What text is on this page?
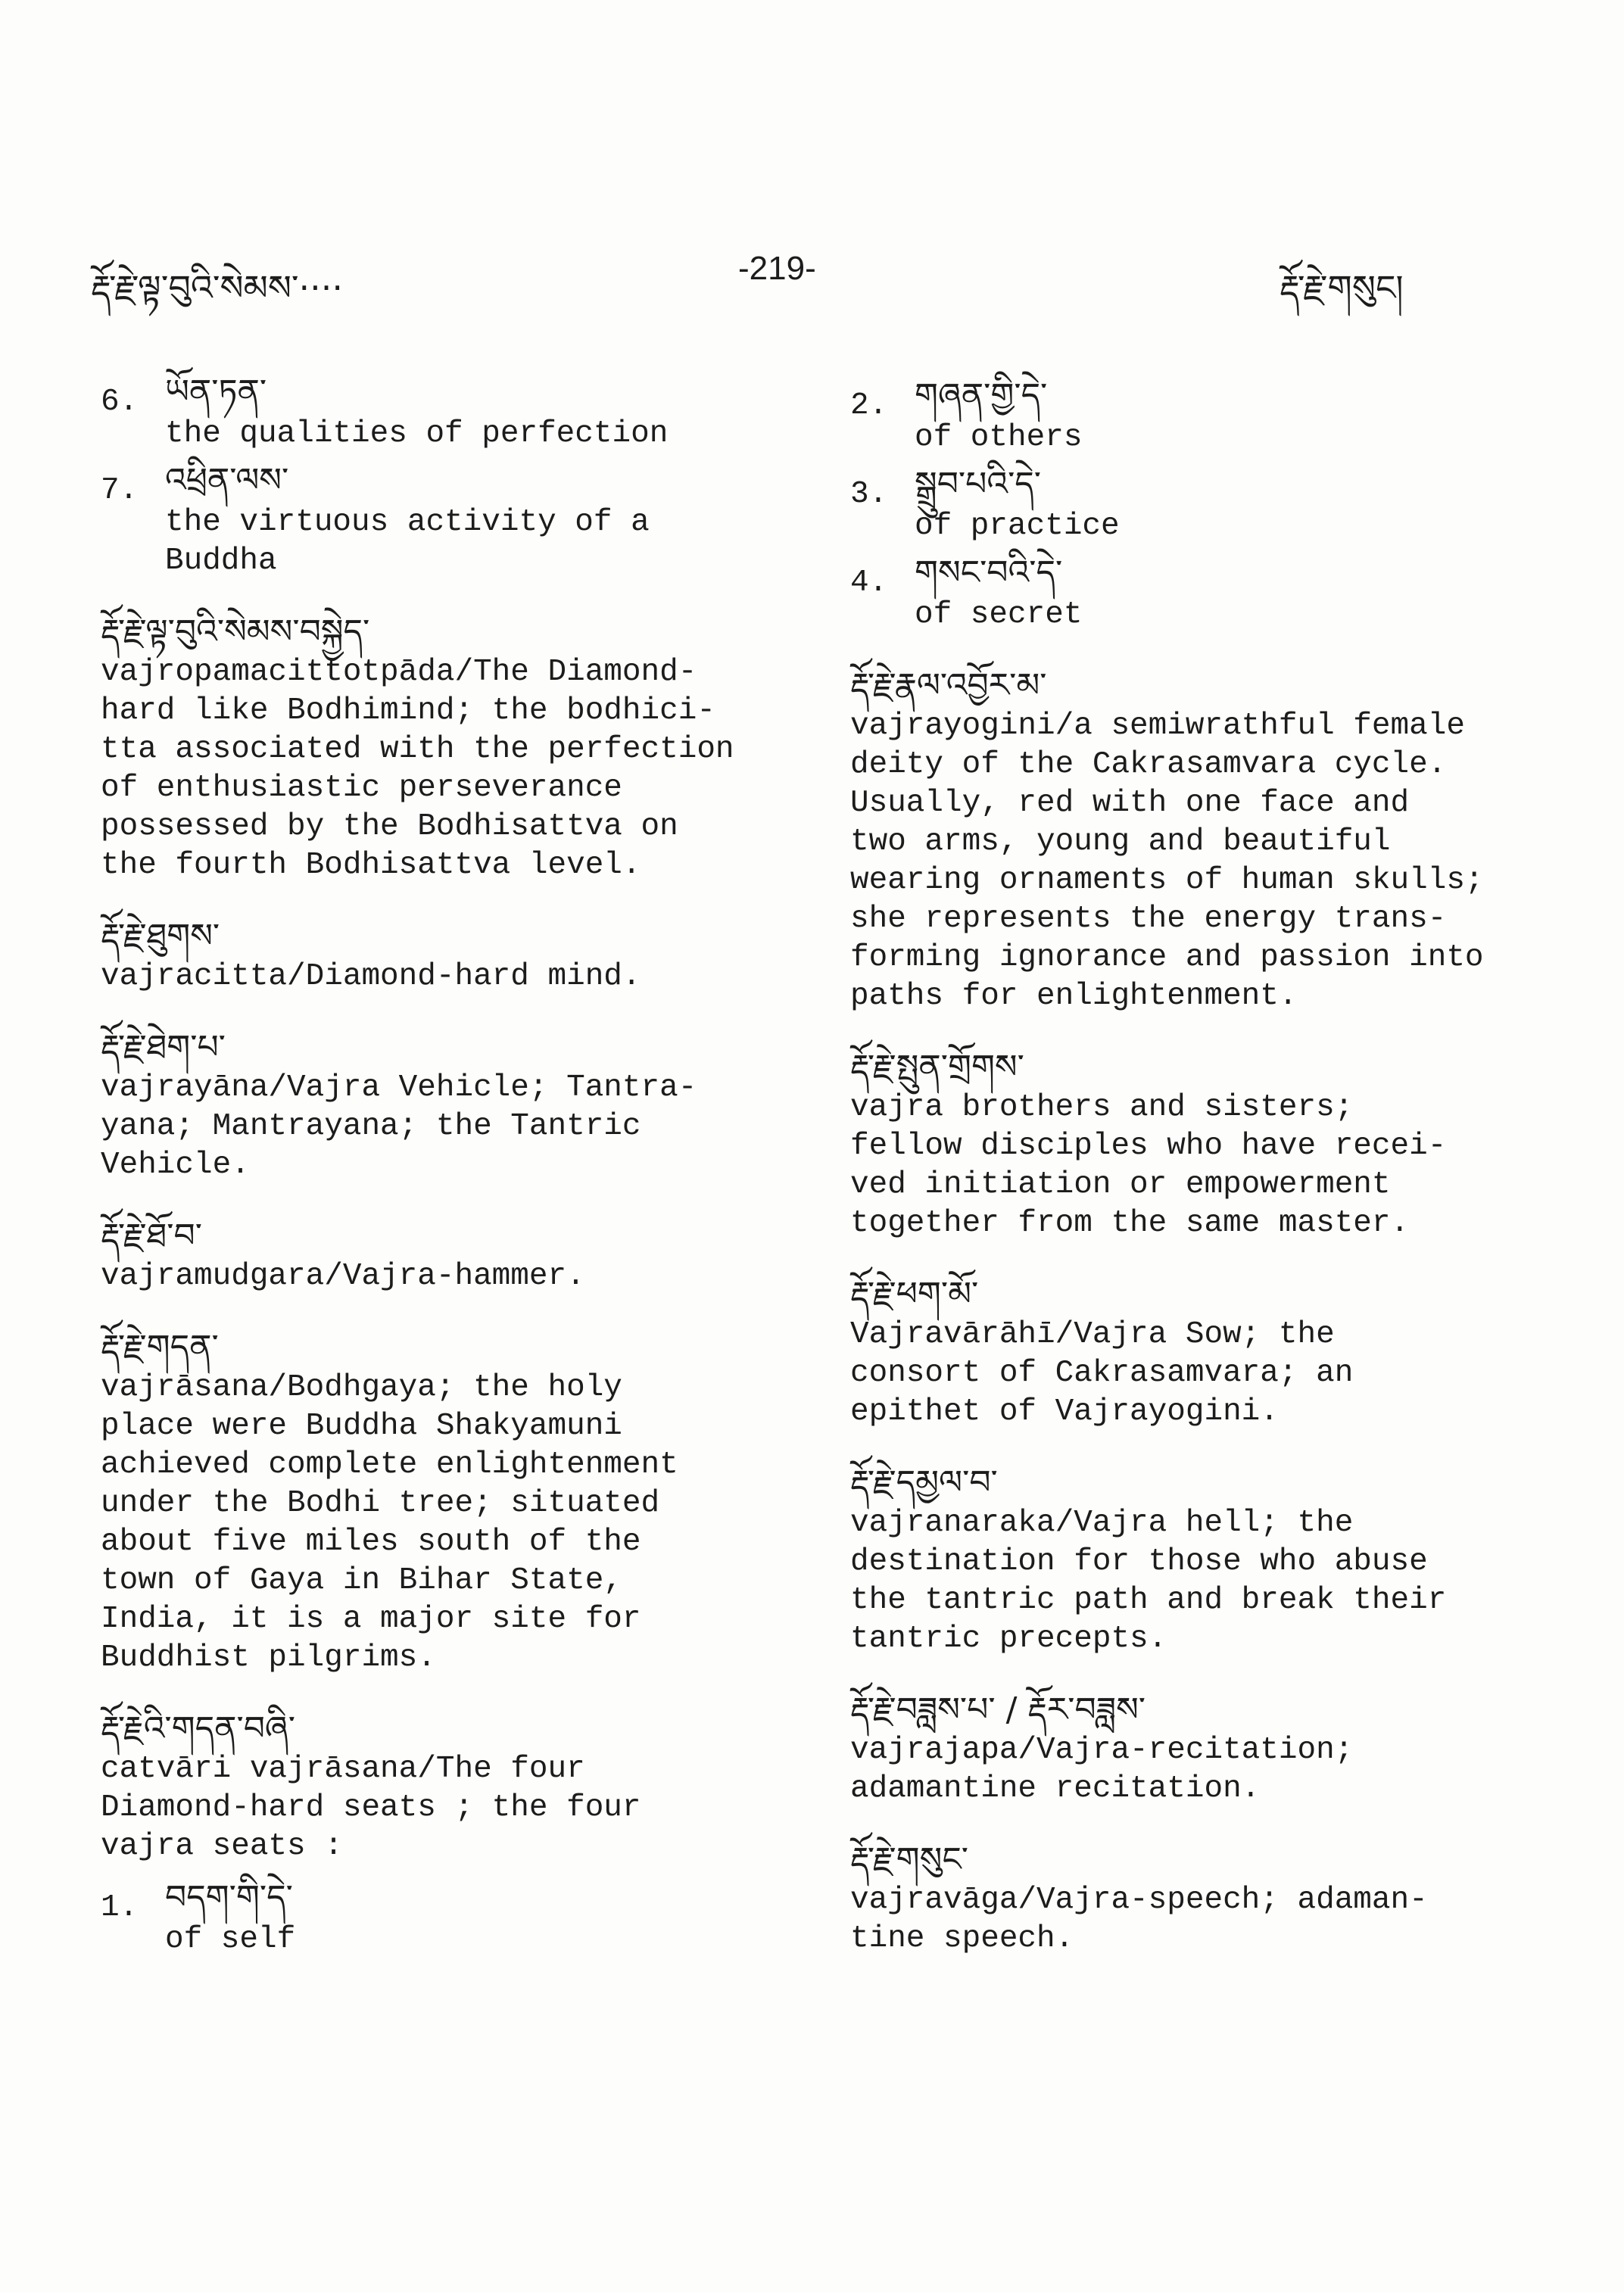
རྡོ་རྗེ་ལྟ་བུའི་སེམས་····	-219-	རྡོ་རྗེ་གསུང།
6. ཡོན་ཏན་
the qualities of perfection
7. འཕྲིན་ལས་
the virtuous activity of a
Buddha
རྡོ་རྗེ་ལྟ་བུའི་སེམས་བསྐྱེད་
vajropamacittotpāda/The Diamond-
hard like Bodhimind; the bodhici-
tta associated with the perfection
of enthusiastic perseverance
possessed by the Bodhisattva on
the fourth Bodhisattva level.
རྡོ་རྗེ་ཐུགས་
vajracitta/Diamond-hard mind.
རྡོ་རྗེ་ཐེག་པ་
vajrayāna/Vajra Vehicle; Tantra-
yana; Mantrayana; the Tantric
Vehicle.
རྡོ་རྗེ་ཐོ་བ་
vajramudgara/Vajra-hammer.
རྡོ་རྗེ་གདན་
vajrāsana/Bodhgaya; the holy
place were Buddha Shakyamuni
achieved complete enlightenment
under the Bodhi tree; situated
about five miles south of the
town of Gaya in Bihar State,
India, it is a major site for
Buddhist pilgrims.
རྡོ་རྗེའི་གདན་བཞི་
catvāri vajrāsana/The four
Diamond-hard seats ; the four
vajra seats :
1. བདག་གི་དེ་
of self
2. གཞན་གྱི་དེ་
of others
3. སྒྲུབ་པའི་དེ་
of practice
4. གསང་བའི་དེ་
of secret
རྡོ་རྗེ་རྣལ་འབྱོར་མ་
vajrayogini/a semiwrathful female
deity of the Cakrasamvara cycle.
Usually, red with one face and
two arms, young and beautiful
wearing ornaments of human skulls;
she represents the energy trans-
forming ignorance and passion into
paths for enlightenment.
རྡོ་རྗེ་སྤུན་གྲོགས་
vajra brothers and sisters;
fellow disciples who have recei-
ved initiation or empowerment
together from the same master.
རྡོ་རྗེ་ཕག་མོ་
Vajravārāhī/Vajra Sow; the
consort of Cakrasamvara; an
epithet of Vajrayogini.
རྡོ་རྗེ་དམྱལ་བ་
vajranaraka/Vajra hell; the
destination for those who abuse
the tantric path and break their
tantric precepts.
རྡོ་རྗེ་བཟླས་པ་ / རྡོར་བཟླས་
vajrajapa/Vajra-recitation;
adamantine recitation.
རྡོ་རྗེ་གསུང་
vajravāga/Vajra-speech; adaman-
tine speech.
